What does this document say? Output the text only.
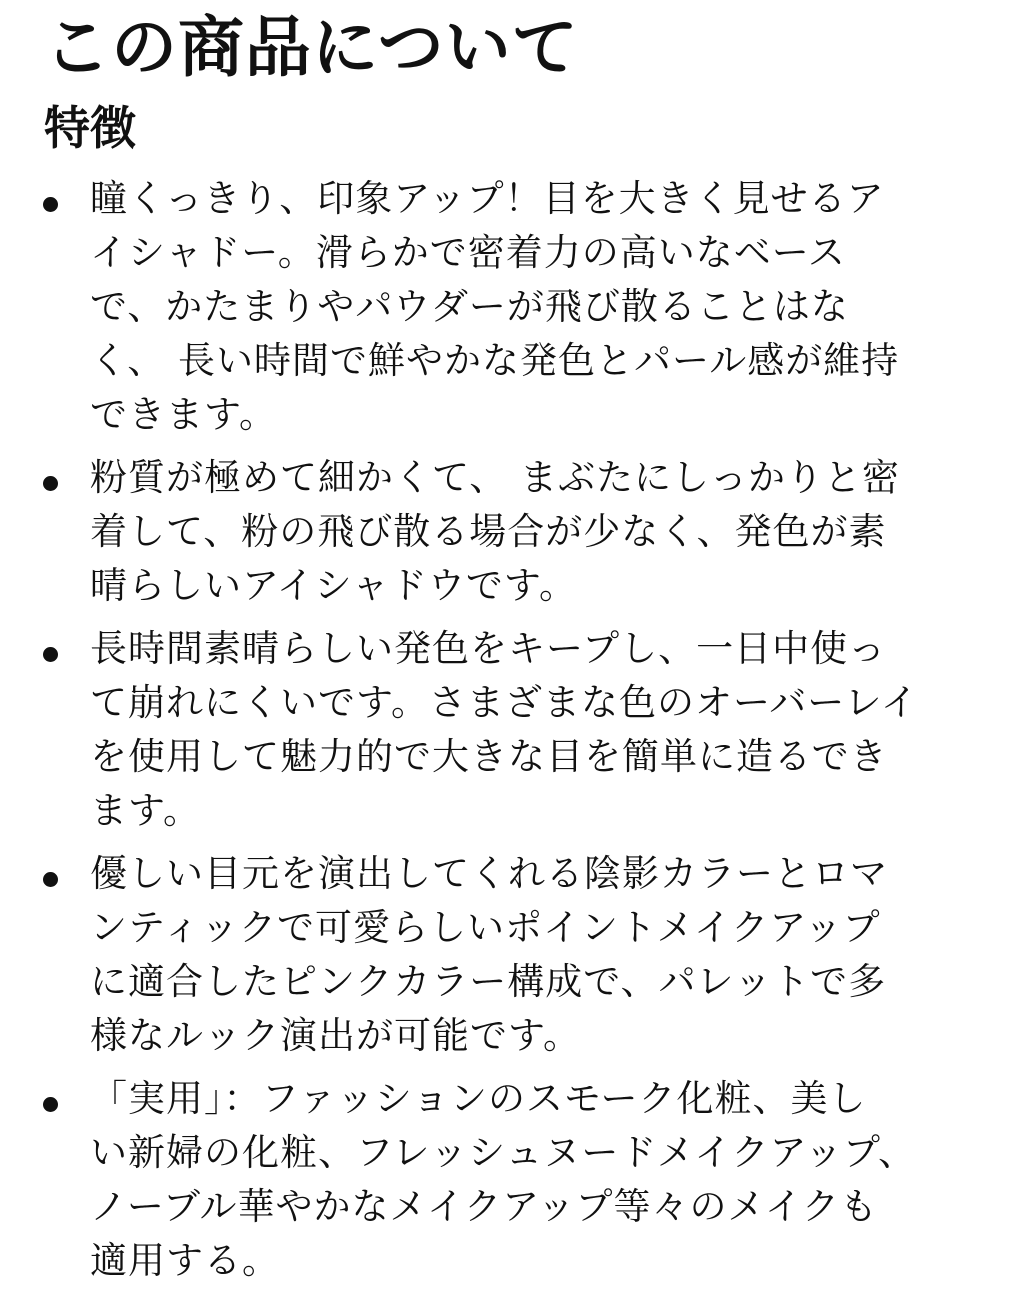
この商品について
特徴
瞳くっきり、印象アップ！目を大きく見せるア
イシャドー。滑らかで密着力の高いなベース
で、かたまりやパウダーが飛び散ることはな
く、 長い時間で鮮やかな発色とパール感が維持
できます。
粉質が極めて細かくて、 まぶたにしっかりと密
着して、粉の飛び散る場合が少なく、発色が素
晴らしいアイシャドウです。
長時間素晴らしい発色をキープし、一日中使っ
て崩れにくいです。さまざまな色のオーバーレイ
を使用して魅力的で大きな目を簡単に造るでき
ます。
優しい目元を演出してくれる陰影カラーとロマ
ンティックで可愛らしいポイントメイクアップ
に適合したピンクカラー構成で、パレットで多
様なルック演出が可能です。
「実用」：ファッションのスモーク化粧、美し
い新婦の化粧、フレッシュヌードメイクアップ、
ノーブル華やかなメイクアップ等々のメイクも
適用する。
